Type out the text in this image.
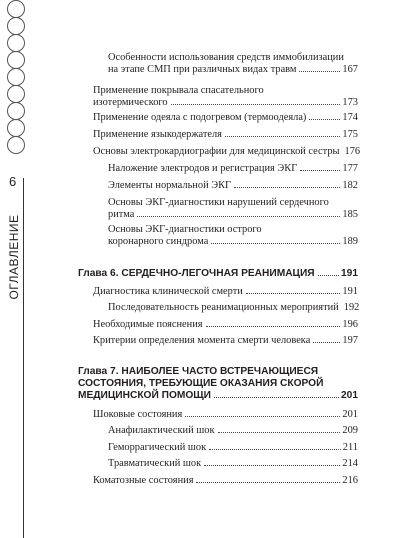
6
ОГЛАВЛЕНИЕ
Особенности использования средств иммобилизации
на этапе СМП при различных видах травм	167
Применение покрывала спасательного
изотермического	173
Применение одеяла с подогревом (термоодеяла)	174
Применение языкодержателя	175
Основы электрокардиографии для медицинской сестры 176
Наложение электродов и регистрация ЭКГ	177
Элементы нормальной ЭКГ	182
Основы ЭКГ-диагностики нарушений сердечного
ритма	185
Основы ЭКГ-диагностики острого
коронарного синдрома	189
Глава 6. СЕРДЕЧНО-ЛЕГОЧНАЯ РЕАНИМАЦИЯ	191
Диагностика клинической смерти	191
Последовательность реанимационных мероприятий 192
Необходимые пояснения	196
Критерии определения момента смерти человека	197
Глава 7. НАИБОЛЕЕ ЧАСТО ВСТРЕЧАЮЩИЕСЯ
СОСТОЯНИЯ, ТРЕБУЮЩИЕ ОКАЗАНИЯ СКОРОЙ
МЕДИЦИНСКОЙ ПОМОЩИ	201
Шоковые состояния	201
Анафилактический шок	209
Геморрагический шок	211
Травматический шок	214
Коматозные состояния	216
